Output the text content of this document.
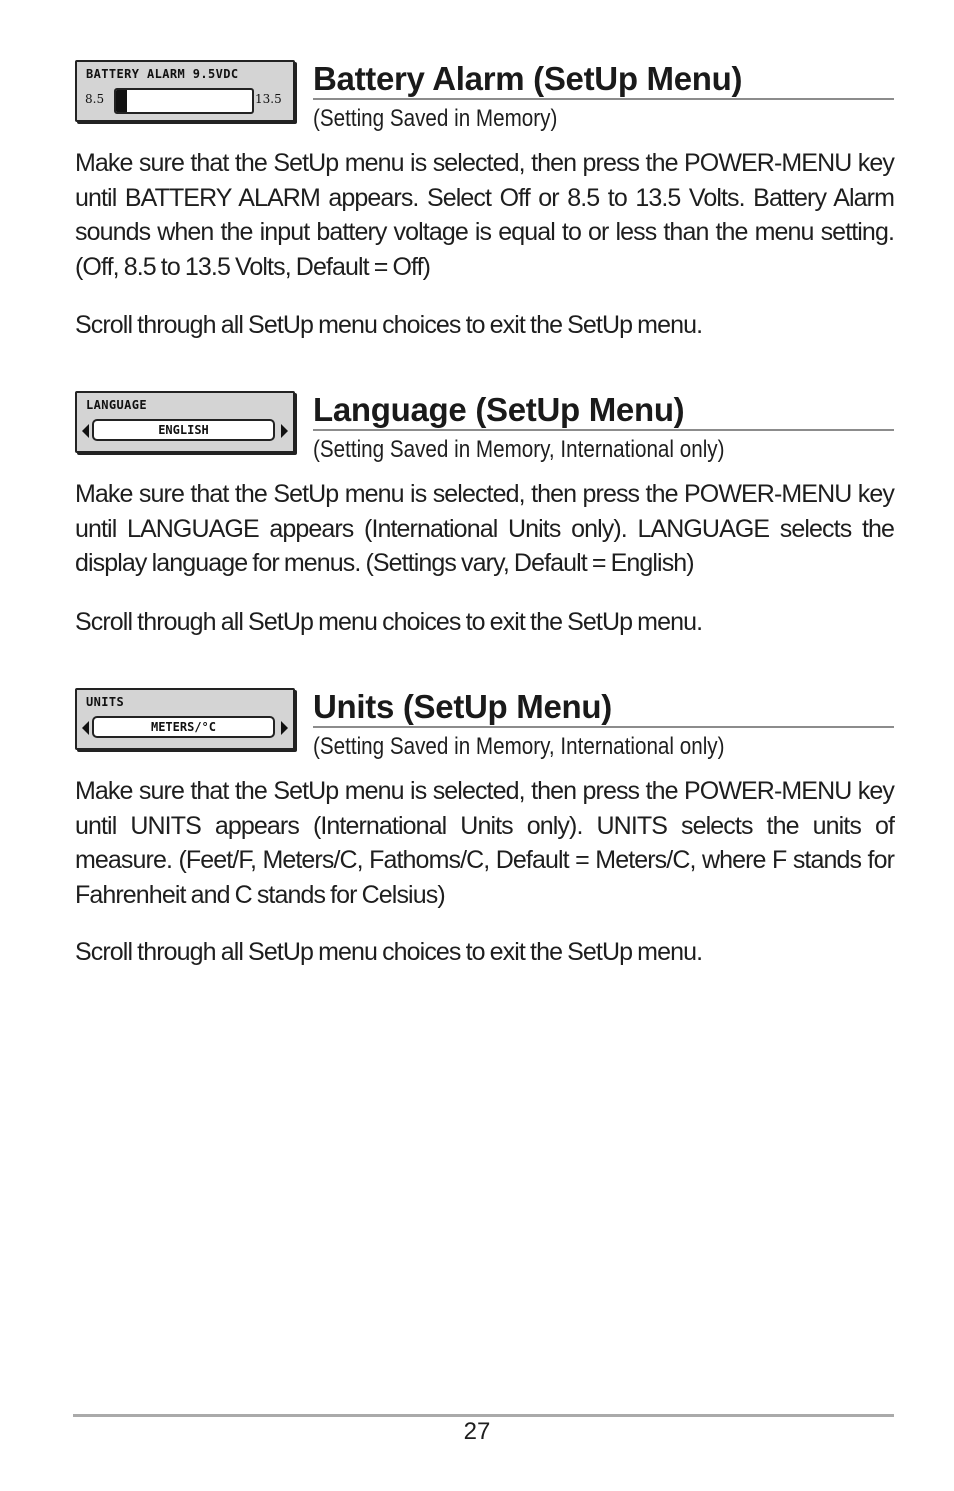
BATTERY ALARM 9.5VDC
8.5	13.5
Battery Alarm (SetUp Menu)
(Setting Saved in Memory)

Make sure that the SetUp menu is selected, then press the POWER-MENU key until BATTERY ALARM appears. Select Off or 8.5 to 13.5 Volts. Battery Alarm sounds when the input battery voltage is equal to or less than the menu setting. (Off, 8.5 to 13.5 Volts, Default = Off)

Scroll through all SetUp menu choices to exit the SetUp menu.

LANGUAGE
ENGLISH
Language (SetUp Menu)
(Setting Saved in Memory, International only)

Make sure that the SetUp menu is selected, then press the POWER-MENU key until LANGUAGE appears (International Units only). LANGUAGE selects the display language for menus. (Settings vary, Default = English)

Scroll through all SetUp menu choices to exit the SetUp menu.

UNITS
METERS/°C
Units (SetUp Menu)
(Setting Saved in Memory, International only)

Make sure that the SetUp menu is selected, then press the POWER-MENU key until UNITS appears (International Units only). UNITS selects the units of measure. (Feet/F, Meters/C, Fathoms/C, Default = Meters/C, where F stands for Fahrenheit and C stands for Celsius)

Scroll through all SetUp menu choices to exit the SetUp menu.

27
